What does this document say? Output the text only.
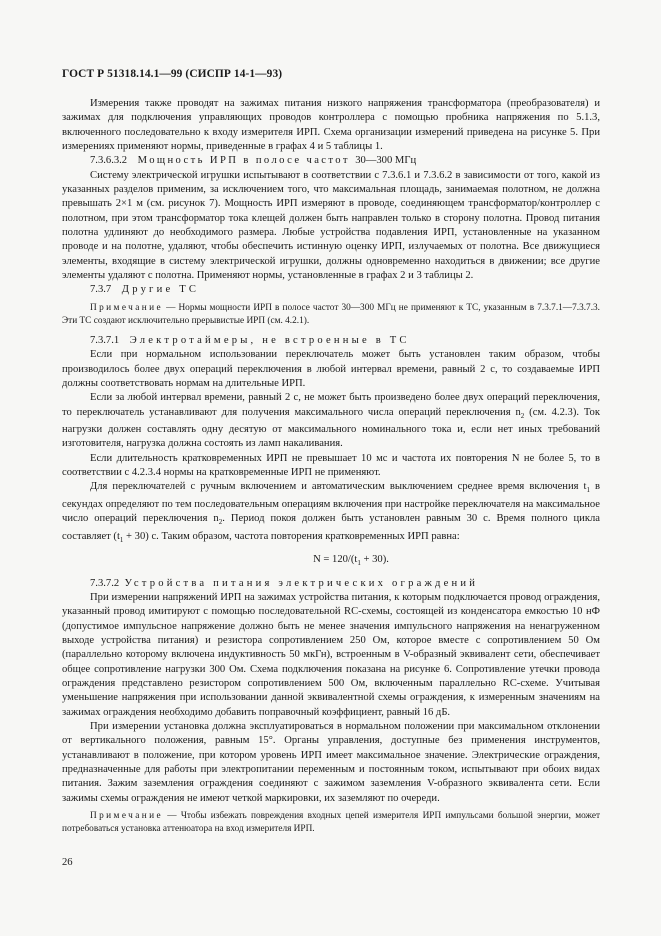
ГОСТ Р 51318.14.1—99 (СИСПР 14-1—93)

Измерения также проводят на зажимах питания низкого напряжения трансформатора (преобразователя) и зажимах для подключения управляющих проводов контроллера с помощью пробника напряжения по 5.1.3, включенного последовательно к входу измерителя ИРП. Схема организации измерений приведена на рисунке 5. При измерениях применяют нормы, приведенные в графах 4 и 5 таблицы 1.

7.3.6.3.2 Мощность ИРП в полосе частот 30—300 МГц

Систему электрической игрушки испытывают в соответствии с 7.3.6.1 и 7.3.6.2 в зависимости от того, какой из указанных разделов применим, за исключением того, что максимальная площадь, занимаемая полотном, не должна превышать 2×1 м (см. рисунок 7). Мощность ИРП измеряют в проводе, соединяющем трансформатор/контроллер с полотном, при этом трансформатор тока клещей должен быть направлен только в сторону полотна. Провод питания полотна удлиняют до необходимого размера. Любые устройства подавления ИРП, установленные на указанном проводе и на полотне, удаляют, чтобы обеспечить истинную оценку ИРП, излучаемых от полотна. Все движущиеся элементы, входящие в систему электрической игрушки, должны одновременно находиться в движении; все другие элементы удаляют с полотна. Применяют нормы, установленные в графах 2 и 3 таблицы 2.

7.3.7 Другие ТС

Примечание — Нормы мощности ИРП в полосе частот 30—300 МГц не применяют к ТС, указанным в 7.3.7.1—7.3.7.3. Эти ТС создают исключительно прерывистые ИРП (см. 4.2.1).

7.3.7.1 Электротаймеры, не встроенные в ТС

Если при нормальном использовании переключатель может быть установлен таким образом, чтобы производилось более двух операций переключения в любой интервал времени, равный 2 с, то создаваемые ИРП должны соответствовать нормам на длительные ИРП.

Если за любой интервал времени, равный 2 с, не может быть произведено более двух операций переключения, то переключатель устанавливают для получения максимального числа операций переключения $n_2$ (см. 4.2.3). Ток нагрузки должен составлять одну десятую от максимального номинального тока и, если нет иных требований изготовителя, нагрузка должна состоять из ламп накаливания.

Если длительность кратковременных ИРП не превышает 10 мс и частота их повторения N не более 5, то в соответствии с 4.2.3.4 нормы на кратковременные ИРП не применяют.

Для переключателей с ручным включением и автоматическим выключением среднее время включения $t_1$ в секундах определяют по тем последовательным операциям включения при настройке переключателя на максимальное число операций переключения $n_2$. Период покоя должен быть установлен равным 30 с. Время полного цикла составляет $(t_1 + 30)$ с. Таким образом, частота повторения кратковременных ИРП равна:

$N = 120/(t_1 + 30)$.

7.3.7.2 Устройства питания электрических ограждений

При измерении напряжений ИРП на зажимах устройства питания, к которым подключается провод ограждения, указанный провод имитируют с помощью последовательной RC-схемы, состоящей из конденсатора емкостью 10 нФ (допустимое импульсное напряжение должно быть не менее значения импульсного напряжения на ненагруженном выходе устройства питания) и резистора сопротивлением 250 Ом, которое вместе с сопротивлением 50 Ом (параллельно которому включена индуктивность 50 мкГн), встроенным в V-образный эквивалент сети, обеспечивает общее сопротивление нагрузки 300 Ом. Схема подключения показана на рисунке 6. Сопротивление утечки провода ограждения представлено резистором сопротивлением 500 Ом, включенным параллельно RC-схеме. Учитывая уменьшение напряжения при использовании данной эквивалентной схемы ограждения, к измеренным значениям на зажимах ограждения необходимо добавить поправочный коэффициент, равный 16 дБ.

При измерении установка должна эксплуатироваться в нормальном положении при максимальном отклонении от вертикального положения, равным 15°. Органы управления, доступные без применения инструментов, устанавливают в положение, при котором уровень ИРП имеет максимальное значение. Электрические ограждения, предназначенные для работы при электропитании переменным и постоянным током, испытывают при обоих видах питания. Зажим заземления ограждения соединяют с зажимом заземления V-образного эквивалента сети. Если зажимы схемы ограждения не имеют четкой маркировки, их заземляют по очереди.

Примечание — Чтобы избежать повреждения входных цепей измерителя ИРП импульсами большой энергии, может потребоваться установка аттенюатора на вход измерителя ИРП.

26
